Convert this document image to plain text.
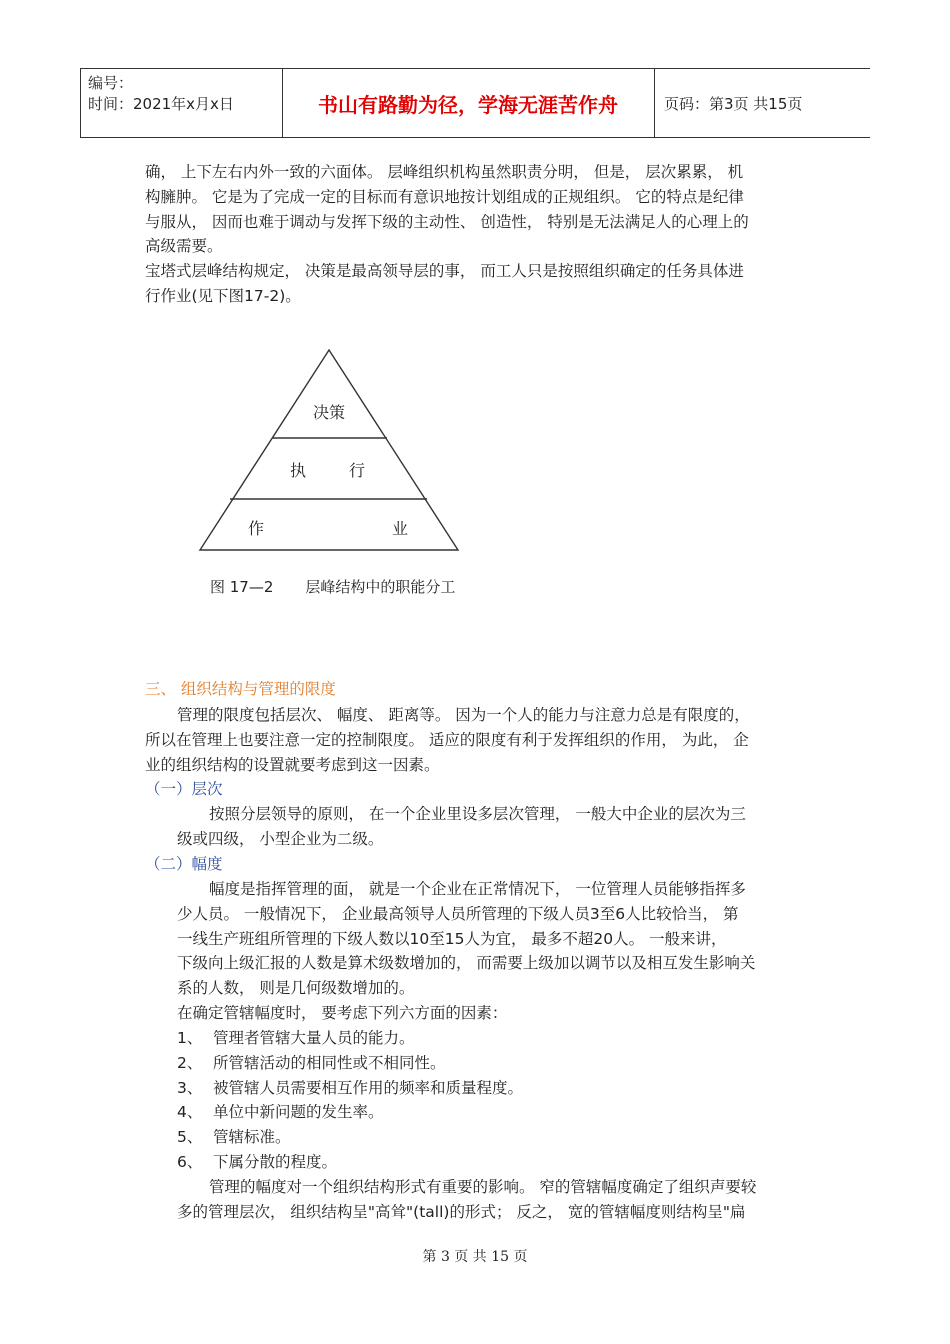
编号：
时间：2021年x月x日	书山有路勤为径，学海无涯苦作舟	页码：第3页 共15页
确， 上下左右内外一致的六面体。 层峰组织机构虽然职责分明， 但是， 层次累累， 机
构臃肿。 它是为了完成一定的目标而有意识地按计划组成的正规组织。 它的特点是纪律
与服从， 因而也难于调动与发挥下级的主动性、 创造性， 特别是无法满足人的心理上的
高级需要。
宝塔式层峰结构规定， 决策是最高领导层的事， 而工人只是按照组织确定的任务具体进
行作业(见下图17-2)。
决策
执	行
作	业
图 17—2 层峰结构中的职能分工
三、 组织结构与管理的限度
管理的限度包括层次、 幅度、 距离等。 因为一个人的能力与注意力总是有限度的，
所以在管理上也要注意一定的控制限度。 适应的限度有利于发挥组织的作用， 为此， 企
业的组织结构的设置就要考虑到这一因素。
（一）层次
按照分层领导的原则， 在一个企业里设多层次管理， 一般大中企业的层次为三
级或四级， 小型企业为二级。
（二）幅度
幅度是指挥管理的面， 就是一个企业在正常情况下， 一位管理人员能够指挥多
少人员。 一般情况下， 企业最高领导人员所管理的下级人员3至6人比较恰当， 第
一线生产班组所管理的下级人数以10至15人为宜， 最多不超20人。 一般来讲，
下级向上级汇报的人数是算术级数增加的， 而需要上级加以调节以及相互发生影响关
系的人数， 则是几何级数增加的。
在确定管辖幅度时， 要考虑下列六方面的因素：
1、 管理者管辖大量人员的能力。
2、 所管辖活动的相同性或不相同性。
3、 被管辖人员需要相互作用的频率和质量程度。
4、 单位中新问题的发生率。
5、 管辖标准。
6、 下属分散的程度。
管理的幅度对一个组织结构形式有重要的影响。 窄的管辖幅度确定了组织声要较
多的管理层次， 组织结构呈"高耸"(tall)的形式； 反之， 宽的管辖幅度则结构呈"扁
第 3 页 共 15 页
